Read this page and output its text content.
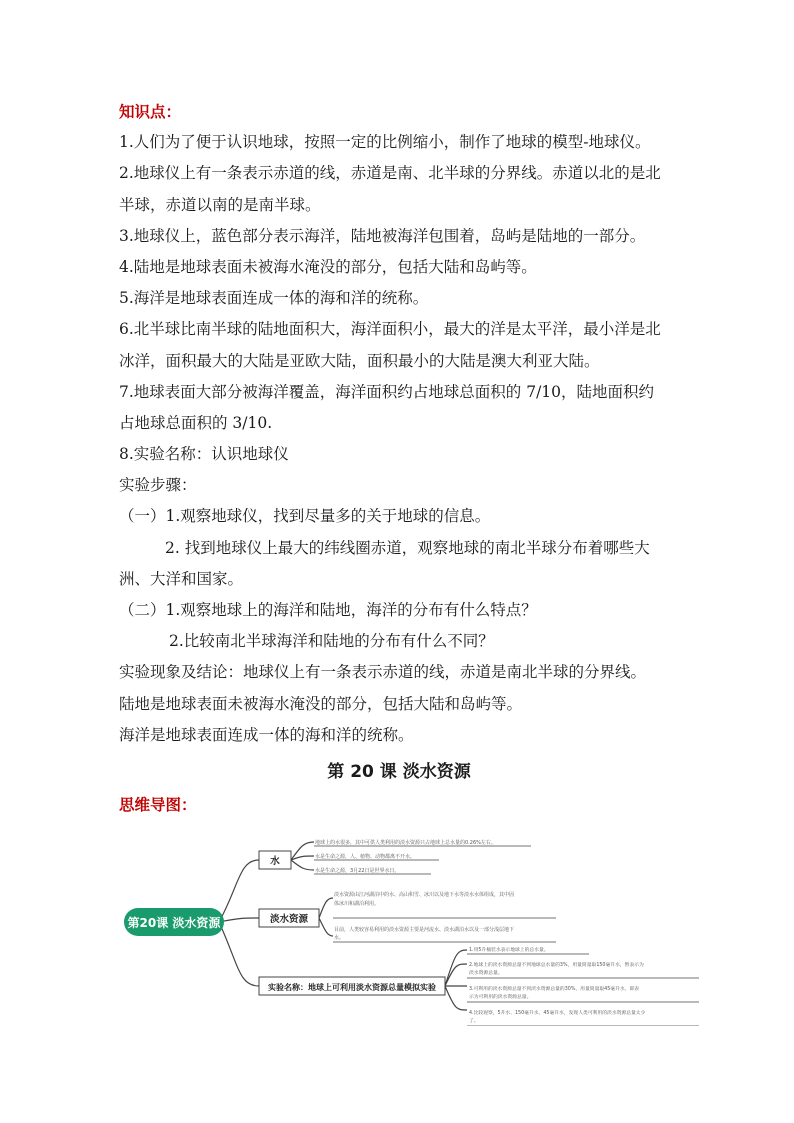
知识点：
1.人们为了便于认识地球，按照一定的比例缩小，制作了地球的模型-地球仪。
2.地球仪上有一条表示赤道的线，赤道是南、北半球的分界线。赤道以北的是北
半球，赤道以南的是南半球。
3.地球仪上，蓝色部分表示海洋，陆地被海洋包围着，岛屿是陆地的一部分。
4.陆地是地球表面未被海水淹没的部分，包括大陆和岛屿等。
5.海洋是地球表面连成一体的海和洋的统称。
6.北半球比南半球的陆地面积大，海洋面积小，最大的洋是太平洋，最小洋是北
冰洋，面积最大的大陆是亚欧大陆，面积最小的大陆是澳大利亚大陆。
7.地球表面大部分被海洋覆盖，海洋面积约占地球总面积的 7/10，陆地面积约
占地球总面积的 3/10.
8.实验名称：认识地球仪
实验步骤：
（一）1.观察地球仪，找到尽量多的关于地球的信息。
2. 找到地球仪上最大的纬线圈赤道，观察地球的南北半球分布着哪些大
洲、大洋和国家。
（二）1.观察地球上的海洋和陆地，海洋的分布有什么特点？
2.比较南北半球海洋和陆地的分布有什么不同？
实验现象及结论：地球仪上有一条表示赤道的线，赤道是南北半球的分界线。
陆地是地球表面未被海水淹没的部分，包括大陆和岛屿等。
海洋是地球表面连成一体的海和洋的统称。
第 20 课 淡水资源
思维导图：
第20课 淡水资源
水
淡水资源
实验名称：地球上可利用淡水资源总量模拟实验
地球上的水很多，其中可供人类利用的淡水资源只占地球上总水量的0.26%左右。
水是生命之源，人、植物、动物都离不开水。
水是生命之源，3月22日是世界水日。
淡水资源由江河湖泊中的水、高山积雪、冰川以及地下水等淡水水体组成，其中固
体冰川和湖泊利用。
目前，人类较容易利用的淡水资源主要是河流水、淡水湖泊水以及一部分浅层地下
水。
1.用5升桶装水表示地球上的总水量。
2.地球上的淡水资源总量不到地球总水量的3%，用量筒量取150毫升水，暂表示为
淡水资源总量。
3.可利用的淡水资源总量不到淡水资源总量的30%，用量筒量取45毫升水，即表
示为可利用的淡水资源总量。
4.比较观察，5升水、150毫升水、45毫升水，发现人类可利用的淡水资源总量太少
了。
